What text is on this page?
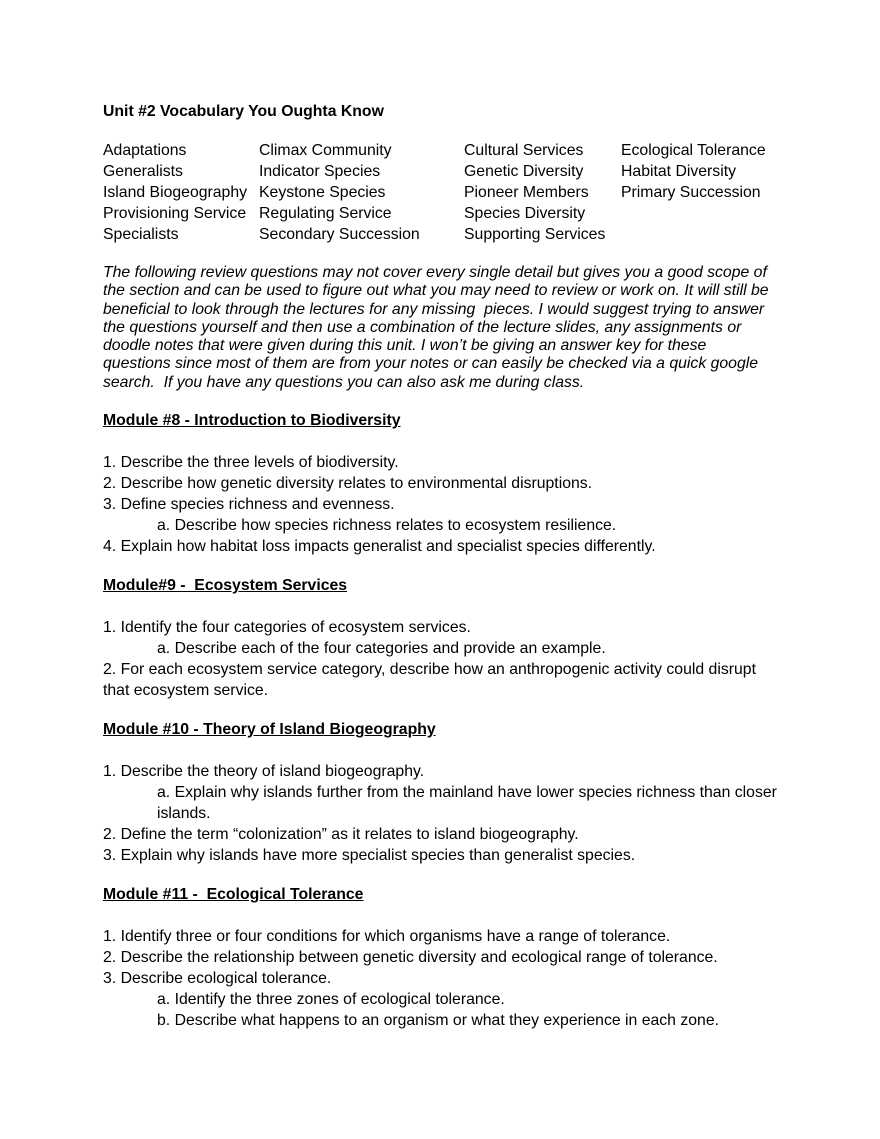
Unit #2 Vocabulary You Oughta Know
Adaptations
Generalists
Island Biogeography
Provisioning Service
Specialists
Climax Community
Indicator Species
Keystone Species
Regulating Service
Secondary Succession
Cultural Services
Genetic Diversity
Pioneer Members
Species Diversity
Supporting Services
Ecological Tolerance
Habitat Diversity
Primary Succession
The following review questions may not cover every single detail but gives you a good scope of the section and can be used to figure out what you may need to review or work on. It will still be beneficial to look through the lectures for any missing  pieces. I would suggest trying to answer the questions yourself and then use a combination of the lecture slides, any assignments or doodle notes that were given during this unit. I won’t be giving an answer key for these questions since most of them are from your notes or can easily be checked via a quick google search.  If you have any questions you can also ask me during class.
Module #8 - Introduction to Biodiversity
1. Describe the three levels of biodiversity.
2. Describe how genetic diversity relates to environmental disruptions.
3. Define species richness and evenness.
a. Describe how species richness relates to ecosystem resilience.
4. Explain how habitat loss impacts generalist and specialist species differently.
Module#9 -  Ecosystem Services
1. Identify the four categories of ecosystem services.
a. Describe each of the four categories and provide an example.
2. For each ecosystem service category, describe how an anthropogenic activity could disrupt that ecosystem service.
Module #10 - Theory of Island Biogeography
1. Describe the theory of island biogeography.
a. Explain why islands further from the mainland have lower species richness than closer islands.
2. Define the term “colonization” as it relates to island biogeography.
3. Explain why islands have more specialist species than generalist species.
Module #11 -  Ecological Tolerance
1. Identify three or four conditions for which organisms have a range of tolerance.
2. Describe the relationship between genetic diversity and ecological range of tolerance.
3. Describe ecological tolerance.
a. Identify the three zones of ecological tolerance.
b. Describe what happens to an organism or what they experience in each zone.
